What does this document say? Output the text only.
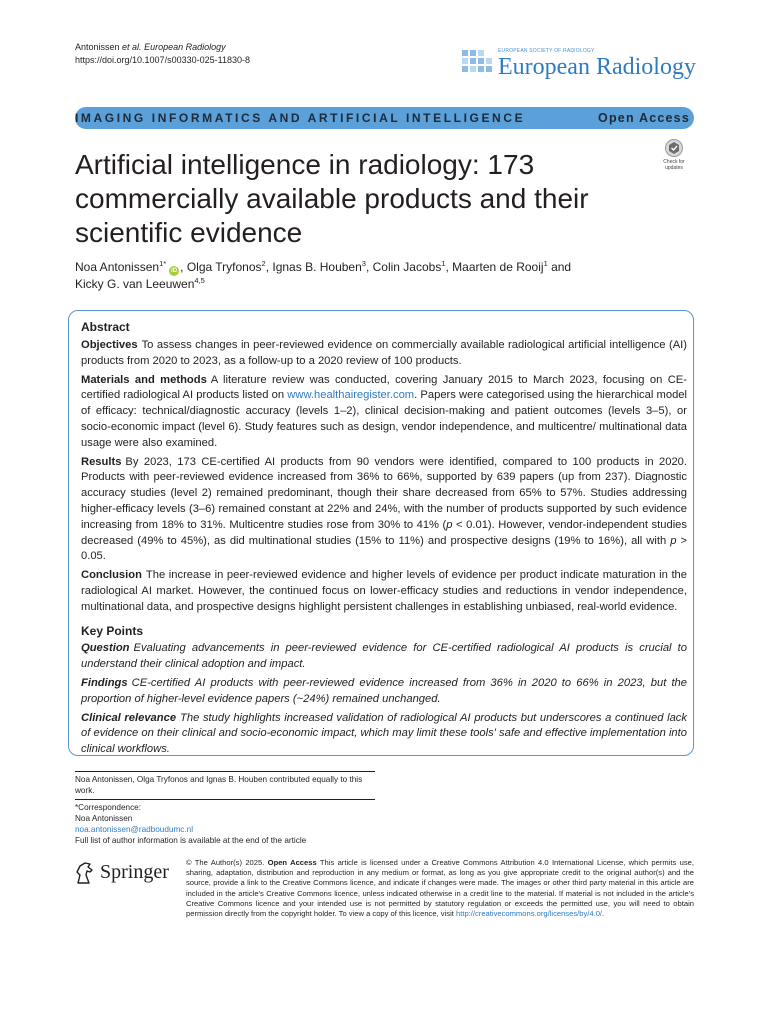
Antonissen et al. European Radiology
https://doi.org/10.1007/s00330-025-11830-8
EUROPEAN SOCIETY OF RADIOLOGY
European Radiology
IMAGING INFORMATICS AND ARTIFICIAL INTELLIGENCE	Open Access
Artificial intelligence in radiology: 173 commercially available products and their scientific evidence
Check for updates
Noa Antonissen$^{1*}$iD , Olga Tryfonos$^2$, Ignas B. Houben$^3$, Colin Jacobs$^1$, Maarten de Rooij$^1$ and
Kicky G. van Leeuwen$^{4,5}$
Abstract

Objectives To assess changes in peer-reviewed evidence on commercially available radiological artificial intelligence (AI) products from 2020 to 2023, as a follow-up to a 2020 review of 100 products.

Materials and methods A literature review was conducted, covering January 2015 to March 2023, focusing on CE-certified radiological AI products listed on www.healthairegister.com. Papers were categorised using the hierarchical model of efficacy: technical/diagnostic accuracy (levels 1–2), clinical decision-making and patient outcomes (levels 3–5), or socio-economic impact (level 6). Study features such as design, vendor independence, and multicentre/ multinational data usage were also examined.

Results By 2023, 173 CE-certified AI products from 90 vendors were identified, compared to 100 products in 2020. Products with peer-reviewed evidence increased from 36% to 66%, supported by 639 papers (up from 237). Diagnostic accuracy studies (level 2) remained predominant, though their share decreased from 65% to 57%. Studies addressing higher-efficacy levels (3–6) remained constant at 22% and 24%, with the number of products supported by such evidence increasing from 18% to 31%. Multicentre studies rose from 30% to 41% (p < 0.01). However, vendor-independent studies decreased (49% to 45%), as did multinational studies (15% to 11%) and prospective designs (19% to 16%), all with p > 0.05.

Conclusion The increase in peer-reviewed evidence and higher levels of evidence per product indicate maturation in the radiological AI market. However, the continued focus on lower-efficacy studies and reductions in vendor independence, multinational data, and prospective designs highlight persistent challenges in establishing unbiased, real-world evidence.

Key Points

Question Evaluating advancements in peer-reviewed evidence for CE-certified radiological AI products is crucial to understand their clinical adoption and impact.

Findings CE-certified AI products with peer-reviewed evidence increased from 36% in 2020 to 66% in 2023, but the proportion of higher-level evidence papers (~24%) remained unchanged.

Clinical relevance The study highlights increased validation of radiological AI products but underscores a continued lack of evidence on their clinical and socio-economic impact, which may limit these tools' safe and effective implementation into clinical workflows.

Noa Antonissen, Olga Tryfonos and Ignas B. Houben contributed equally to this work.
*Correspondence:
Noa Antonissen
noa.antonissen@radboudumc.nl
Full list of author information is available at the end of the article
Springer © The Author(s) 2025. Open Access This article is licensed under a Creative Commons Attribution 4.0 International License, which permits use, sharing, adaptation, distribution and reproduction in any medium or format, as long as you give appropriate credit to the original author(s) and the source, provide a link to the Creative Commons licence, and indicate if changes were made. The images or other third party material in this article are included in the article's Creative Commons licence, unless indicated otherwise in a credit line to the material. If material is not included in the article's Creative Commons licence and your intended use is not permitted by statutory regulation or exceeds the permitted use, you will need to obtain permission directly from the copyright holder. To view a copy of this licence, visit http://creativecommons.org/licenses/by/4.0/.
